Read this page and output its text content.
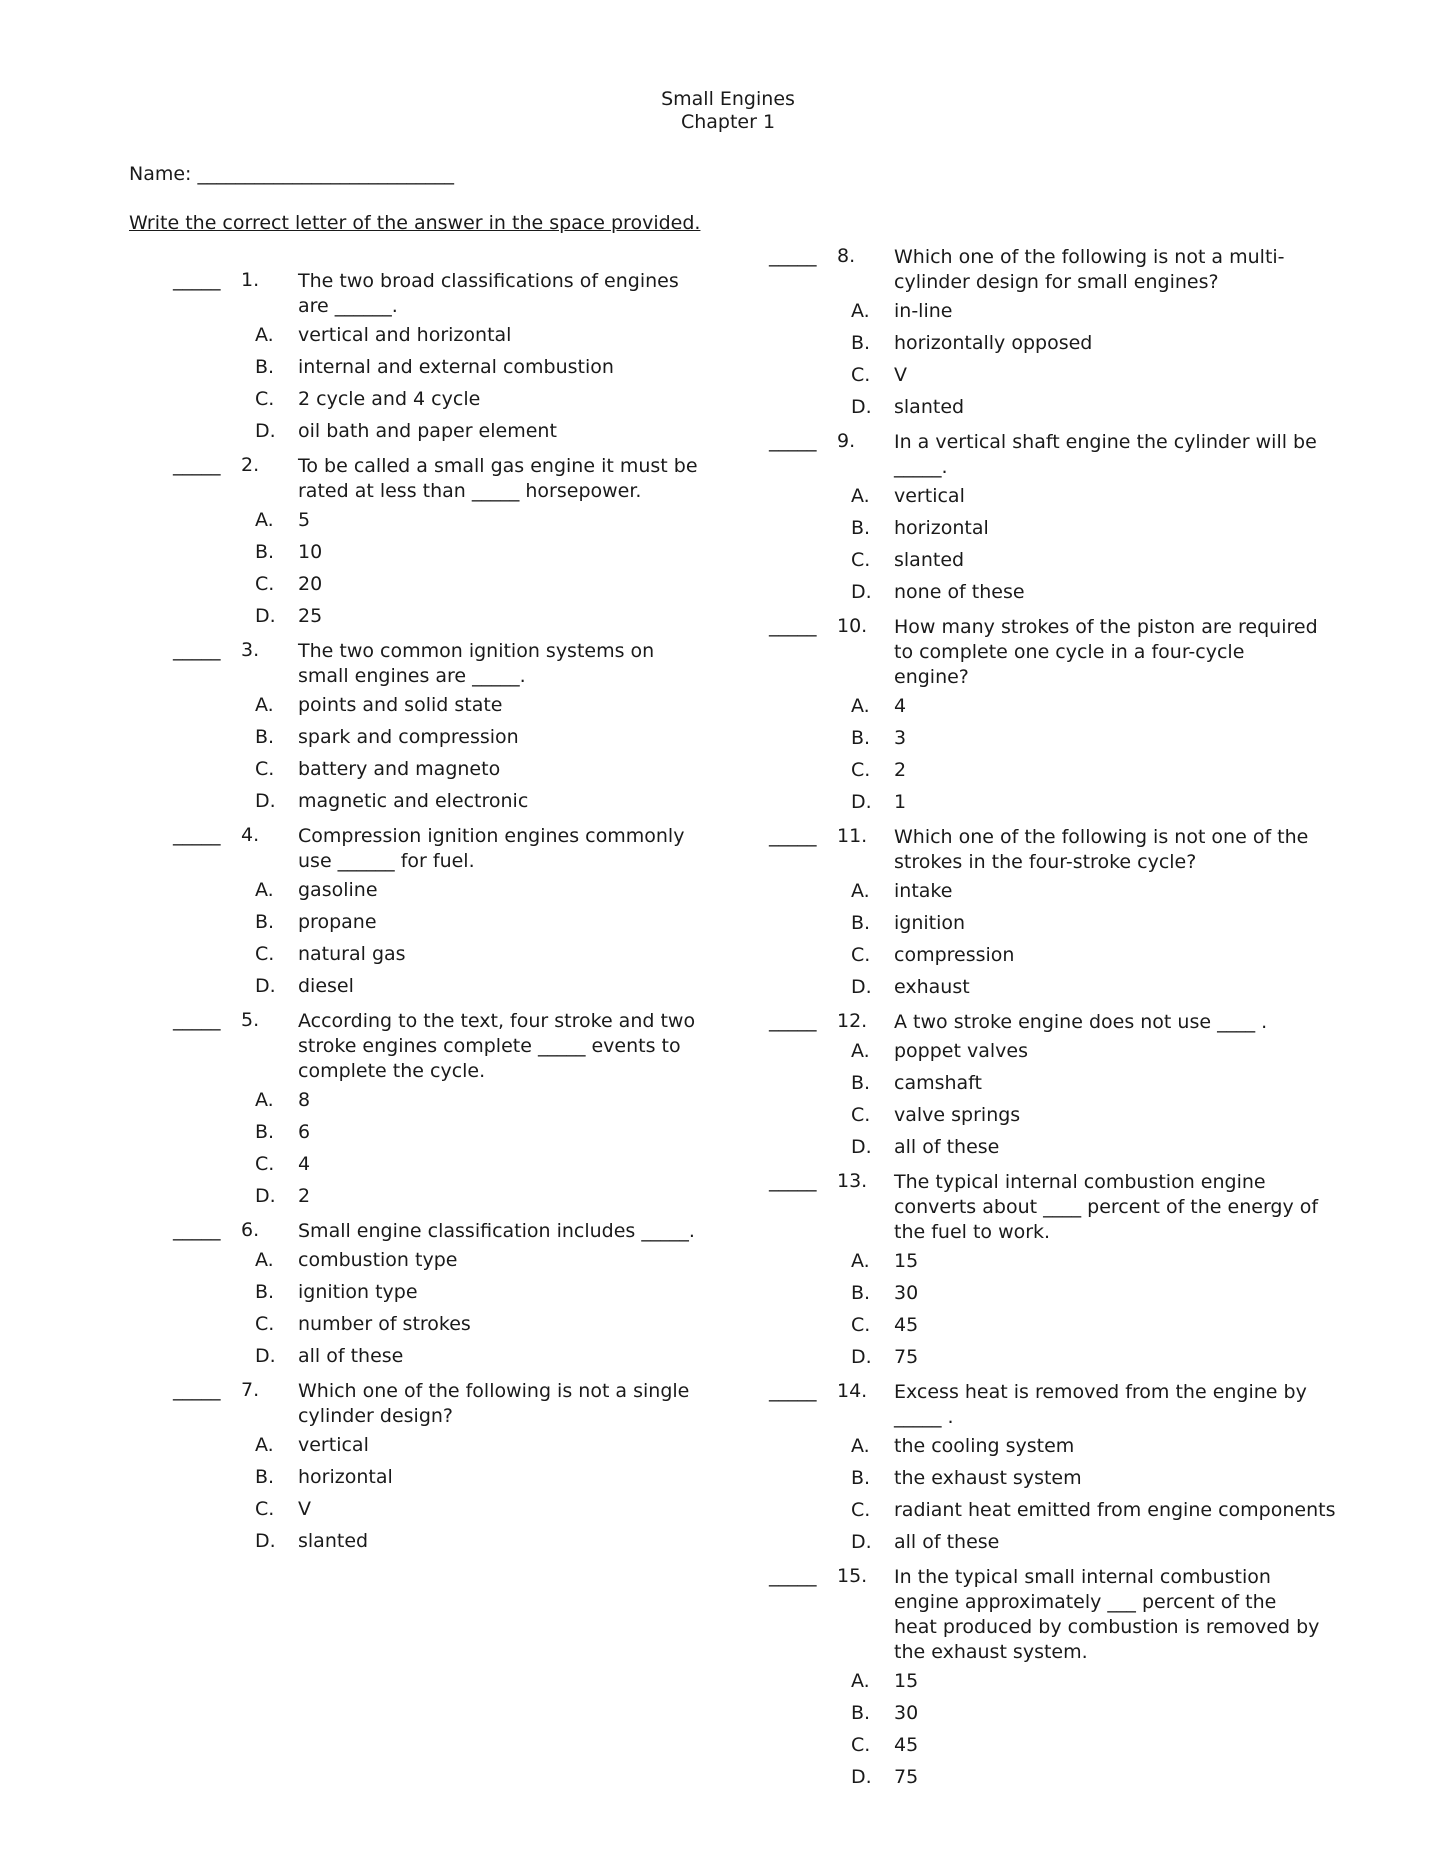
Small Engines
Chapter 1
Name: ___________________________
Write the correct letter of the answer in the space provided.
_____ 1. The two broad classifications of engines are ______.
A. vertical and horizontal
B. internal and external combustion
C. 2 cycle and 4 cycle
D. oil bath and paper element
_____ 2. To be called a small gas engine it must be rated at less than _____ horsepower.
A. 5
B. 10
C. 20
D. 25
_____ 3. The two common ignition systems on small engines are _____.
A. points and solid state
B. spark and compression
C. battery and magneto
D. magnetic and electronic
_____ 4. Compression ignition engines commonly use ______ for fuel.
A. gasoline
B. propane
C. natural gas
D. diesel
_____ 5. According to the text, four stroke and two stroke engines complete _____ events to complete the cycle.
A. 8
B. 6
C. 4
D. 2
_____ 6. Small engine classification includes _____.
A. combustion type
B. ignition type
C. number of strokes
D. all of these
_____ 7. Which one of the following is not a single cylinder design?
A. vertical
B. horizontal
C. V
D. slanted
_____ 8. Which one of the following is not a multi-cylinder design for small engines?
A. in-line
B. horizontally opposed
C. V
D. slanted
_____ 9. In a vertical shaft engine the cylinder will be _____.
A. vertical
B. horizontal
C. slanted
D. none of these
_____ 10. How many strokes of the piston are required to complete one cycle in a four-cycle engine?
A. 4
B. 3
C. 2
D. 1
_____ 11. Which one of the following is not one of the strokes in the four-stroke cycle?
A. intake
B. ignition
C. compression
D. exhaust
_____ 12. A two stroke engine does not use ____ .
A. poppet valves
B. camshaft
C. valve springs
D. all of these
_____ 13. The typical internal combustion engine converts about ____ percent of the energy of the fuel to work.
A. 15
B. 30
C. 45
D. 75
_____ 14. Excess heat is removed from the engine by _____ .
A. the cooling system
B. the exhaust system
C. radiant heat emitted from engine components
D. all of these
_____ 15. In the typical small internal combustion engine approximately ___ percent of the heat produced by combustion is removed by the exhaust system.
A. 15
B. 30
C. 45
D. 75
